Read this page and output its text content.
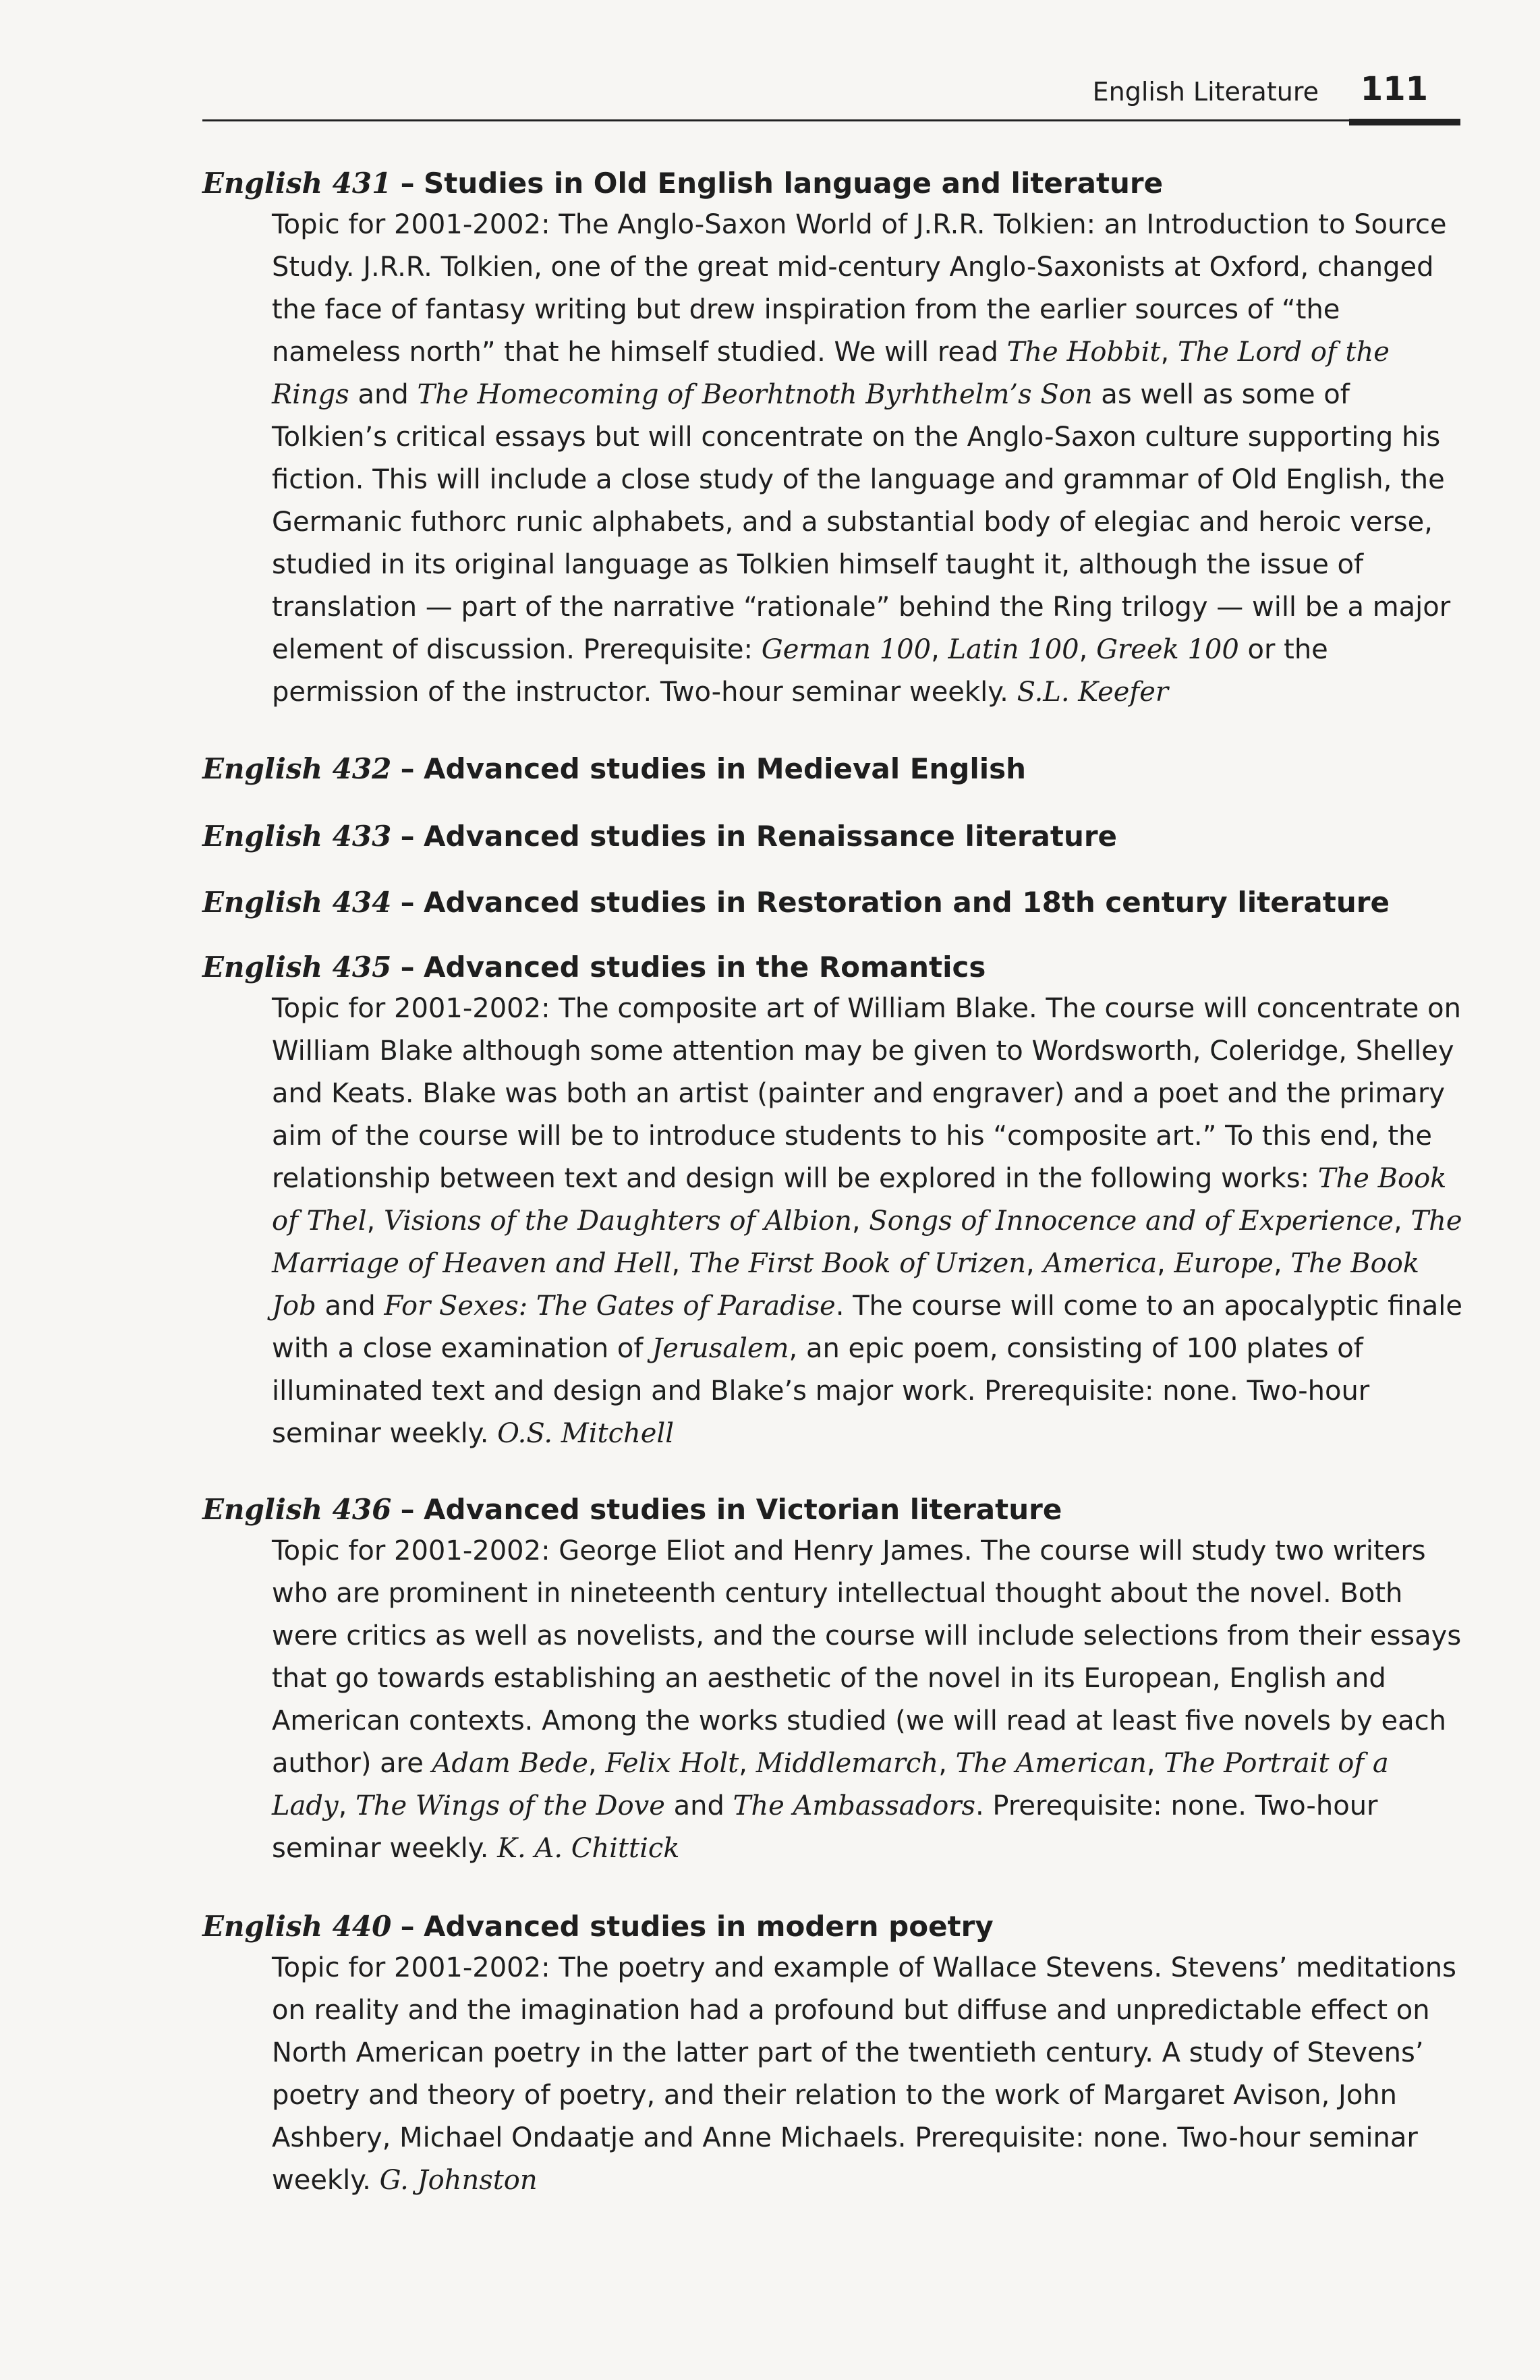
English Literature 111
English 431 – Studies in Old English language and literature
Topic for 2001-2002: The Anglo-Saxon World of J.R.R. Tolkien: an Introduction to Source Study. J.R.R. Tolkien, one of the great mid-century Anglo-Saxonists at Oxford, changed the face of fantasy writing but drew inspiration from the earlier sources of “the nameless north” that he himself studied. We will read The Hobbit, The Lord of the Rings and The Homecoming of Beorhtnoth Byrhthelm’s Son as well as some of Tolkien’s critical essays but will concentrate on the Anglo-Saxon culture supporting his fiction. This will include a close study of the language and grammar of Old English, the Germanic futhorc runic alphabets, and a substantial body of elegiac and heroic verse, studied in its original language as Tolkien himself taught it, although the issue of translation — part of the narrative “rationale” behind the Ring trilogy — will be a major element of discussion. Prerequisite: German 100, Latin 100, Greek 100 or the permission of the instructor. Two-hour seminar weekly. S.L. Keefer
English 432 – Advanced studies in Medieval English
English 433 – Advanced studies in Renaissance literature
English 434 – Advanced studies in Restoration and 18th century literature
English 435 – Advanced studies in the Romantics
Topic for 2001-2002: The composite art of William Blake. The course will concentrate on William Blake although some attention may be given to Wordsworth, Coleridge, Shelley and Keats. Blake was both an artist (painter and engraver) and a poet and the primary aim of the course will be to introduce students to his “composite art.” To this end, the relationship between text and design will be explored in the following works: The Book of Thel, Visions of the Daughters of Albion, Songs of Innocence and of Experience, The Marriage of Heaven and Hell, The First Book of Urizen, America, Europe, The Book Job and For Sexes: The Gates of Paradise. The course will come to an apocalyptic finale with a close examination of Jerusalem, an epic poem, consisting of 100 plates of illuminated text and design and Blake’s major work. Prerequisite: none. Two-hour seminar weekly. O.S. Mitchell
English 436 – Advanced studies in Victorian literature
Topic for 2001-2002: George Eliot and Henry James. The course will study two writers who are prominent in nineteenth century intellectual thought about the novel. Both were critics as well as novelists, and the course will include selections from their essays that go towards establishing an aesthetic of the novel in its European, English and American contexts. Among the works studied (we will read at least five novels by each author) are Adam Bede, Felix Holt, Middlemarch, The American, The Portrait of a Lady, The Wings of the Dove and The Ambassadors. Prerequisite: none. Two-hour seminar weekly. K. A. Chittick
English 440 – Advanced studies in modern poetry
Topic for 2001-2002: The poetry and example of Wallace Stevens. Stevens’ meditations on reality and the imagination had a profound but diffuse and unpredictable effect on North American poetry in the latter part of the twentieth century. A study of Stevens’ poetry and theory of poetry, and their relation to the work of Margaret Avison, John Ashbery, Michael Ondaatje and Anne Michaels. Prerequisite: none. Two-hour seminar weekly. G. Johnston
